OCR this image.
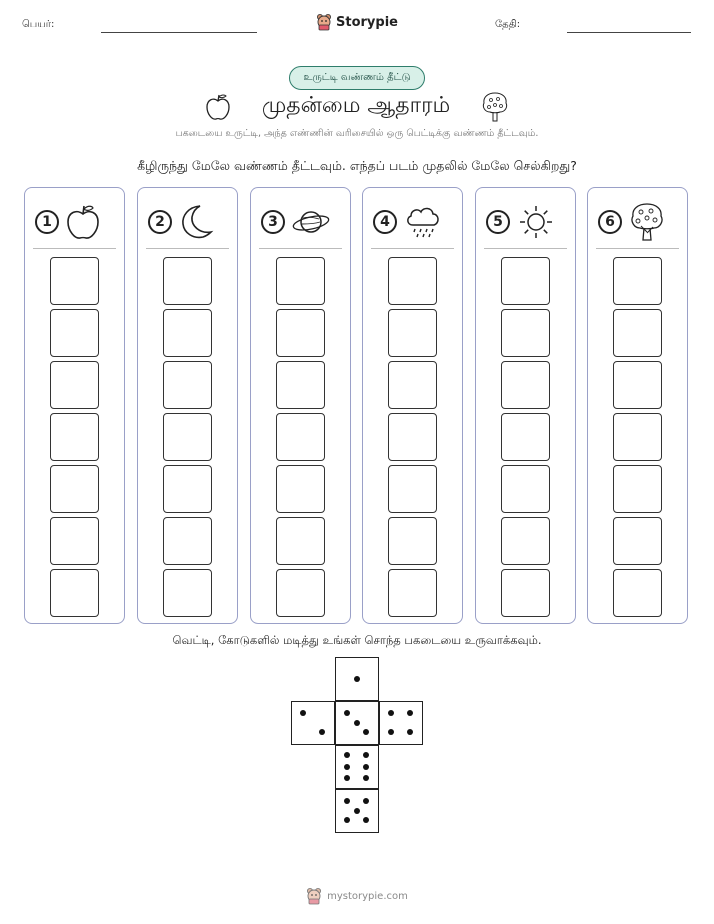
பெயர்:	Storypie	தேதி:
உருட்டி வண்ணம் தீட்டு
முதன்மை ஆதாரம்
பகடையை உருட்டி, அந்த எண்ணின் வரிசையில் ஒரு பெட்டிக்கு வண்ணம் தீட்டவும்.
கீழிருந்து மேலே வண்ணம் தீட்டவும். எந்தப் படம் முதலில் மேலே செல்கிறது?
1	2	3	4	5	6
வெட்டி, கோடுகளில் மடித்து உங்கள் சொந்த பகடையை உருவாக்கவும்.
mystorypie.com
